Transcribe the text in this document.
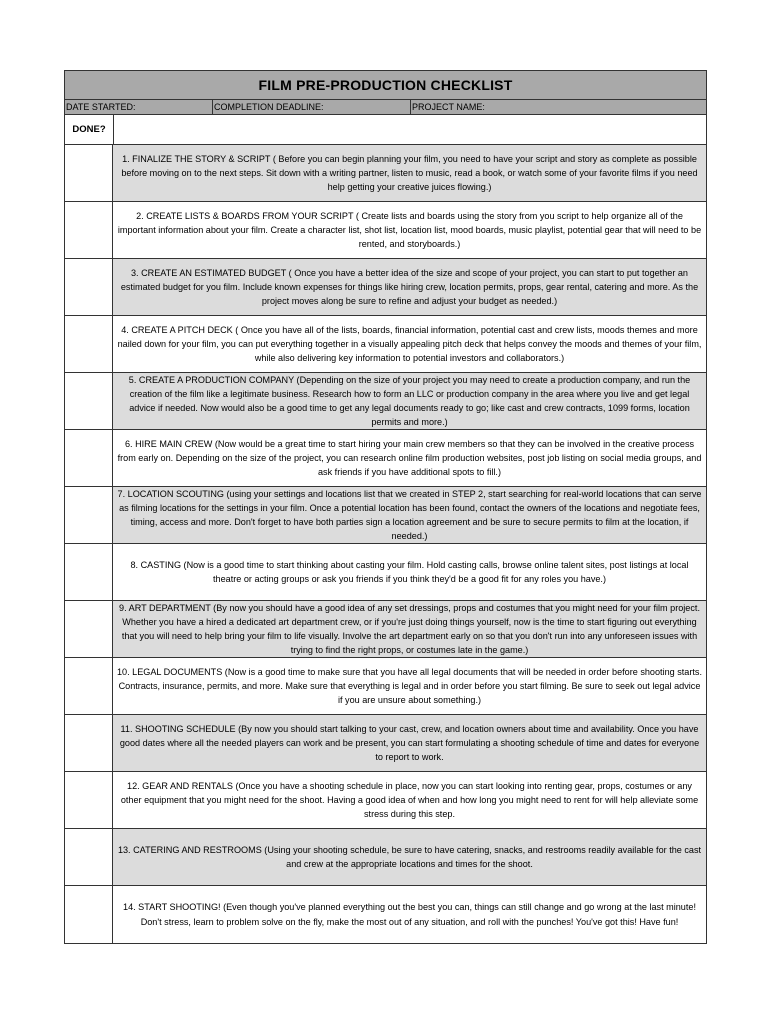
FILM PRE-PRODUCTION CHECKLIST
DATE STARTED:	COMPLETION DEADLINE:	PROJECT NAME:
DONE?
1. FINALIZE THE STORY & SCRIPT ( Before you can begin planning your film, you need to have your script and story as complete as possible before moving on to the next steps. Sit down with a writing partner, listen to music, read a book, or watch some of your favorite films if you need help getting your creative juices flowing.)
2. CREATE LISTS & BOARDS FROM YOUR SCRIPT ( Create lists and boards using the story from you script to help organize all of the important information about your film. Create a character list, shot list, location list, mood boards, music playlist, potential gear that will need to be rented, and storyboards.)
3. CREATE AN ESTIMATED BUDGET ( Once you have a better idea of the size and scope of your project, you can start to put together an estimated budget for you film. Include known expenses for things like hiring crew, location permits, props, gear rental, catering and more. As the project moves along be sure to refine and adjust your budget as needed.)
4. CREATE A PITCH DECK ( Once you have all of the lists, boards, financial information, potential cast and crew lists, moods themes and more nailed down for your film, you can put everything together in a visually appealing pitch deck that helps convey the moods and themes of your film, while also delivering key information to potential investors and collaborators.)
5. CREATE A PRODUCTION COMPANY (Depending on the size of your project you may need to create a production company, and run the creation of the film like a legitimate business. Research how to form an LLC or production company in the area where you live and get legal advice if needed. Now would also be a good time to get any legal documents ready to go; like cast and crew contracts, 1099 forms, location permits and more.)
6. HIRE MAIN CREW (Now would be a great time to start hiring your main crew members so that they can be involved in the creative process from early on. Depending on the size of the project, you can research online film production websites, post job listing on social media groups, and ask friends if you have additional spots to fill.)
7. LOCATION SCOUTING (using your settings and locations list that we created in STEP 2, start searching for real-world locations that can serve as filming locations for the settings in your film. Once a potential location has been found, contact the owners of the locations and negotiate fees, timing, access and more. Don't forget to have both parties sign a location agreement and be sure to secure permits to film at the location, if needed.)
8. CASTING (Now is a good time to start thinking about casting your film. Hold casting calls, browse online talent sites, post listings at local theatre or acting groups or ask you friends if you think they'd be a good fit for any roles you have.)
9. ART DEPARTMENT (By now you should have a good idea of any set dressings, props and costumes that you might need for your film project. Whether you have a hired a dedicated art department crew, or if you're just doing things yourself, now is the time to start figuring out everything that you will need to help bring your film to life visually. Involve the art department early on so that you don't run into any unforeseen issues with trying to find the right props, or costumes late in the game.)
10. LEGAL DOCUMENTS (Now is a good time to make sure that you have all legal documents that will be needed in order before shooting starts. Contracts, insurance, permits, and more. Make sure that everything is legal and in order before you start filming. Be sure to seek out legal advice if you are unsure about something.)
11. SHOOTING SCHEDULE (By now you should start talking to your cast, crew, and location owners about time and availability. Once you have good dates where all the needed players can work and be present, you can start formulating a shooting schedule of time and dates for everyone to report to work.
12. GEAR AND RENTALS (Once you have a shooting schedule in place, now you can start looking into renting gear, props, costumes or any other equipment that you might need for the shoot. Having a good idea of when and how long you might need to rent for will help alleviate some stress during this step.
13. CATERING AND RESTROOMS (Using your shooting schedule, be sure to have catering, snacks, and restrooms readily available for the cast and crew at the appropriate locations and times for the shoot.
14. START SHOOTING! (Even though you've planned everything out the best you can, things can still change and go wrong at the last minute! Don't stress, learn to problem solve on the fly, make the most out of any situation, and roll with the punches! You've got this! Have fun!
